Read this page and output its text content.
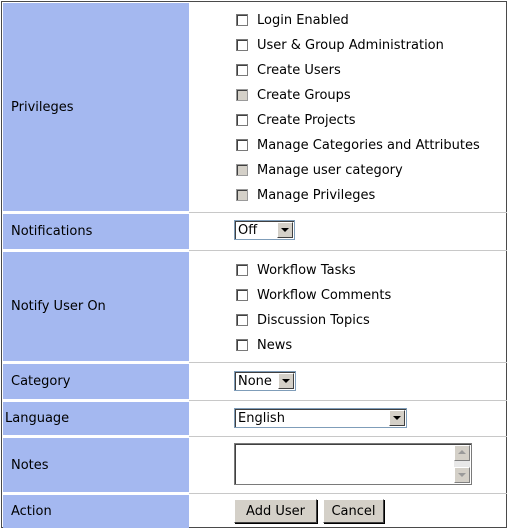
Privileges
Notifications
Notify User On
Category
Language
Notes
Action
Login Enabled
User & Group Administration
Create Users
Create Groups
Create Projects
Manage Categories and Attributes
Manage user category
Manage Privileges
Off
Workflow Tasks
Workflow Comments
Discussion Topics
News
None
English
Add User	Cancel
